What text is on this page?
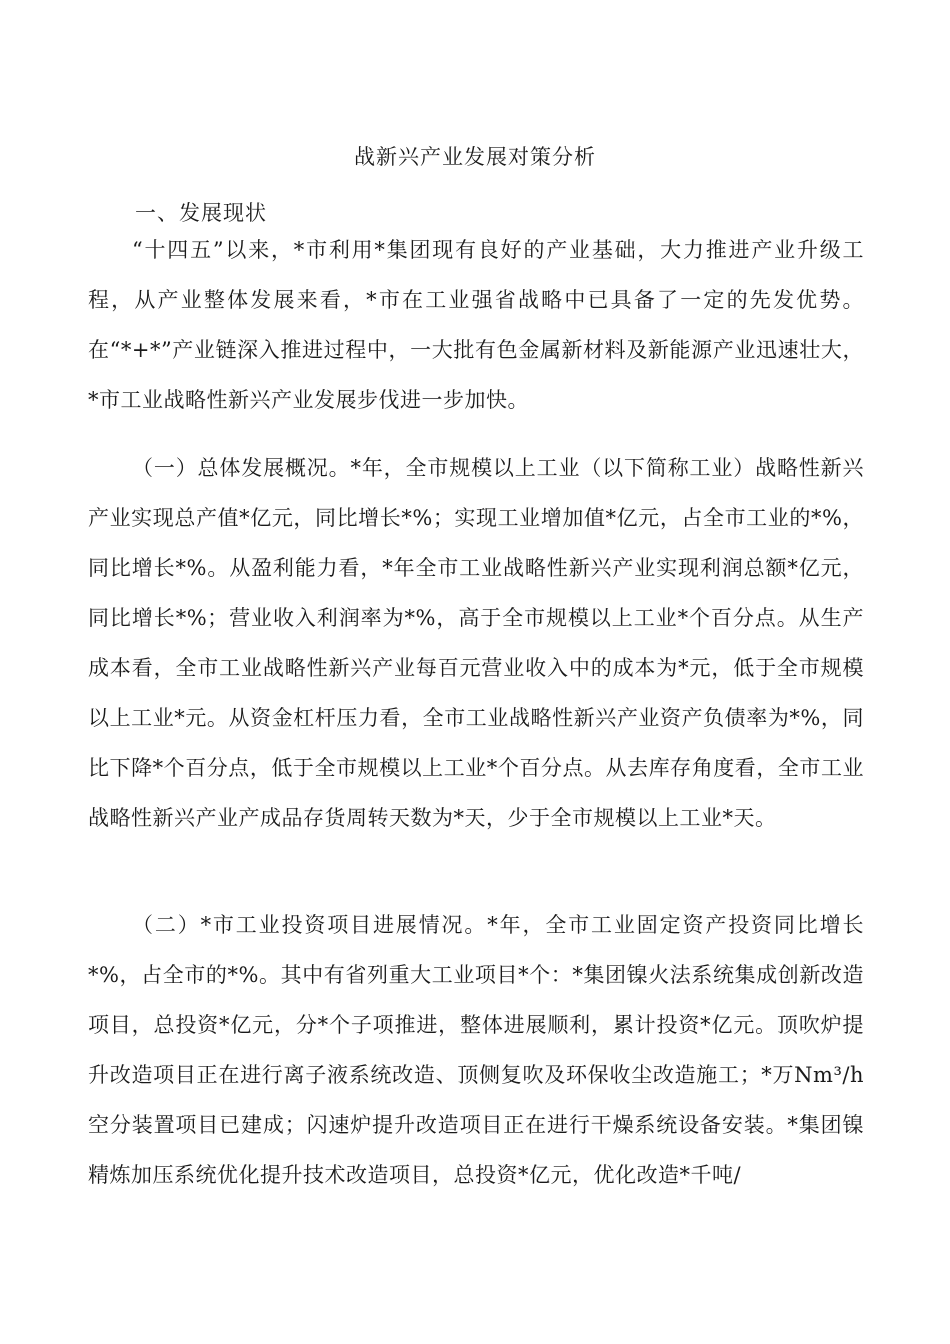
战新兴产业发展对策分析
一、发展现状
“十四五”以来，*市利用*集团现有良好的产业基础，大力推进产业升级工程，从产业整体发展来看，*市在工业强省战略中已具备了一定的先发优势。在“*+*”产业链深入推进过程中，一大批有色金属新材料及新能源产业迅速壮大，*市工业战略性新兴产业发展步伐进一步加快。
（一）总体发展概况。*年，全市规模以上工业（以下简称工业）战略性新兴产业实现总产值*亿元，同比增长*%；实现工业增加值*亿元，占全市工业的*%，同比增长*%。从盈利能力看，*年全市工业战略性新兴产业实现利润总额*亿元，同比增长*%；营业收入利润率为*%，高于全市规模以上工业*个百分点。从生产成本看，全市工业战略性新兴产业每百元营业收入中的成本为*元，低于全市规模以上工业*元。从资金杠杆压力看，全市工业战略性新兴产业资产负债率为*%，同比下降*个百分点，低于全市规模以上工业*个百分点。从去库存角度看，全市工业战略性新兴产业产成品存货周转天数为*天，少于全市规模以上工业*天。
（二）*市工业投资项目进展情况。*年，全市工业固定资产投资同比增长*%，占全市的*%。其中有省列重大工业项目*个：*集团镍火法系统集成创新改造项目，总投资*亿元，分*个子项推进，整体进展顺利，累计投资*亿元。顶吹炉提升改造项目正在进行离子液系统改造、顶侧复吹及环保收尘改造施工；*万Nm³/h空分装置项目已建成；闪速炉提升改造项目正在进行干燥系统设备安装。*集团镍精炼加压系统优化提升技术改造项目，总投资*亿元，优化改造*千吨/
